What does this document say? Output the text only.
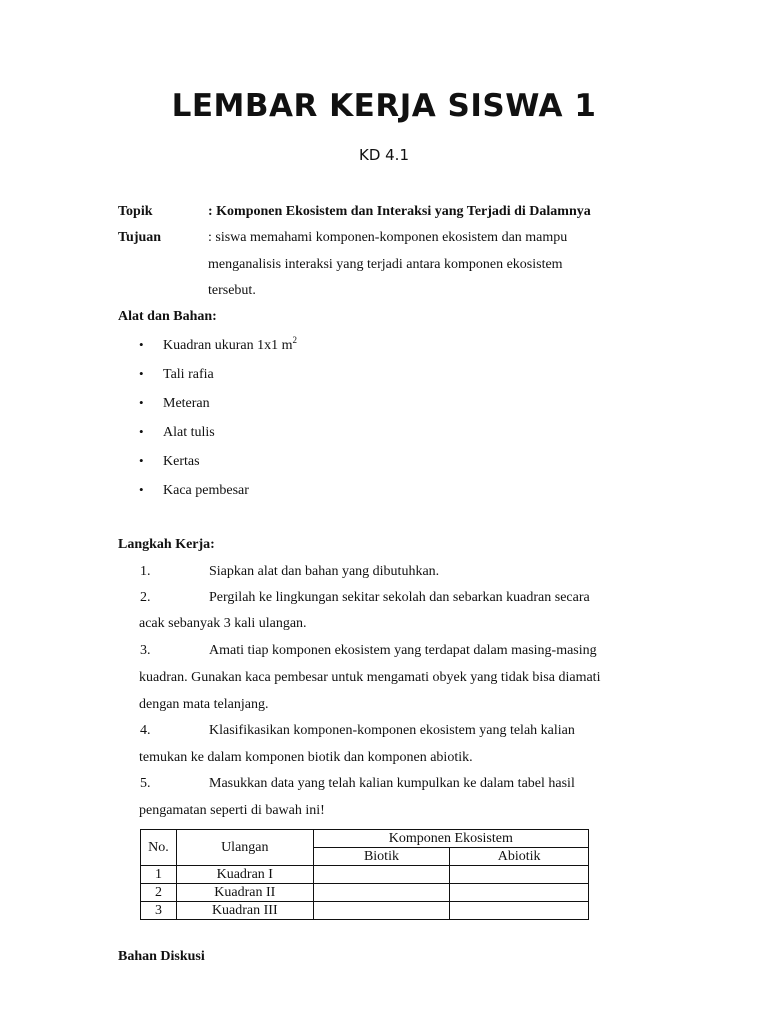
LEMBAR KERJA SISWA 1
KD 4.1
Topik	: Komponen Ekosistem dan Interaksi yang Terjadi di Dalamnya
Tujuan	: siswa memahami komponen-komponen ekosistem dan mampu
menganalisis interaksi yang terjadi antara komponen ekosistem
tersebut.
Alat dan Bahan:
• Kuadran ukuran 1x1 $m^2$
• Tali rafia
• Meteran
• Alat tulis
• Kertas
• Kaca pembesar
Langkah Kerja:
1.	Siapkan alat dan bahan yang dibutuhkan.
2.	Pergilah ke lingkungan sekitar sekolah dan sebarkan kuadran secara
acak sebanyak 3 kali ulangan.
3.	Amati tiap komponen ekosistem yang terdapat dalam masing-masing
kuadran. Gunakan kaca pembesar untuk mengamati obyek yang tidak bisa diamati
dengan mata telanjang.
4.	Klasifikasikan komponen-komponen ekosistem yang telah kalian
temukan ke dalam komponen biotik dan komponen abiotik.
5.	Masukkan data yang telah kalian kumpulkan ke dalam tabel hasil
pengamatan seperti di bawah ini!
No.	Ulangan	Komponen Ekosistem	
		Biotik	Abiotik
1	Kuadran I		
2	Kuadran II		
3	Kuadran III		
Bahan Diskusi
